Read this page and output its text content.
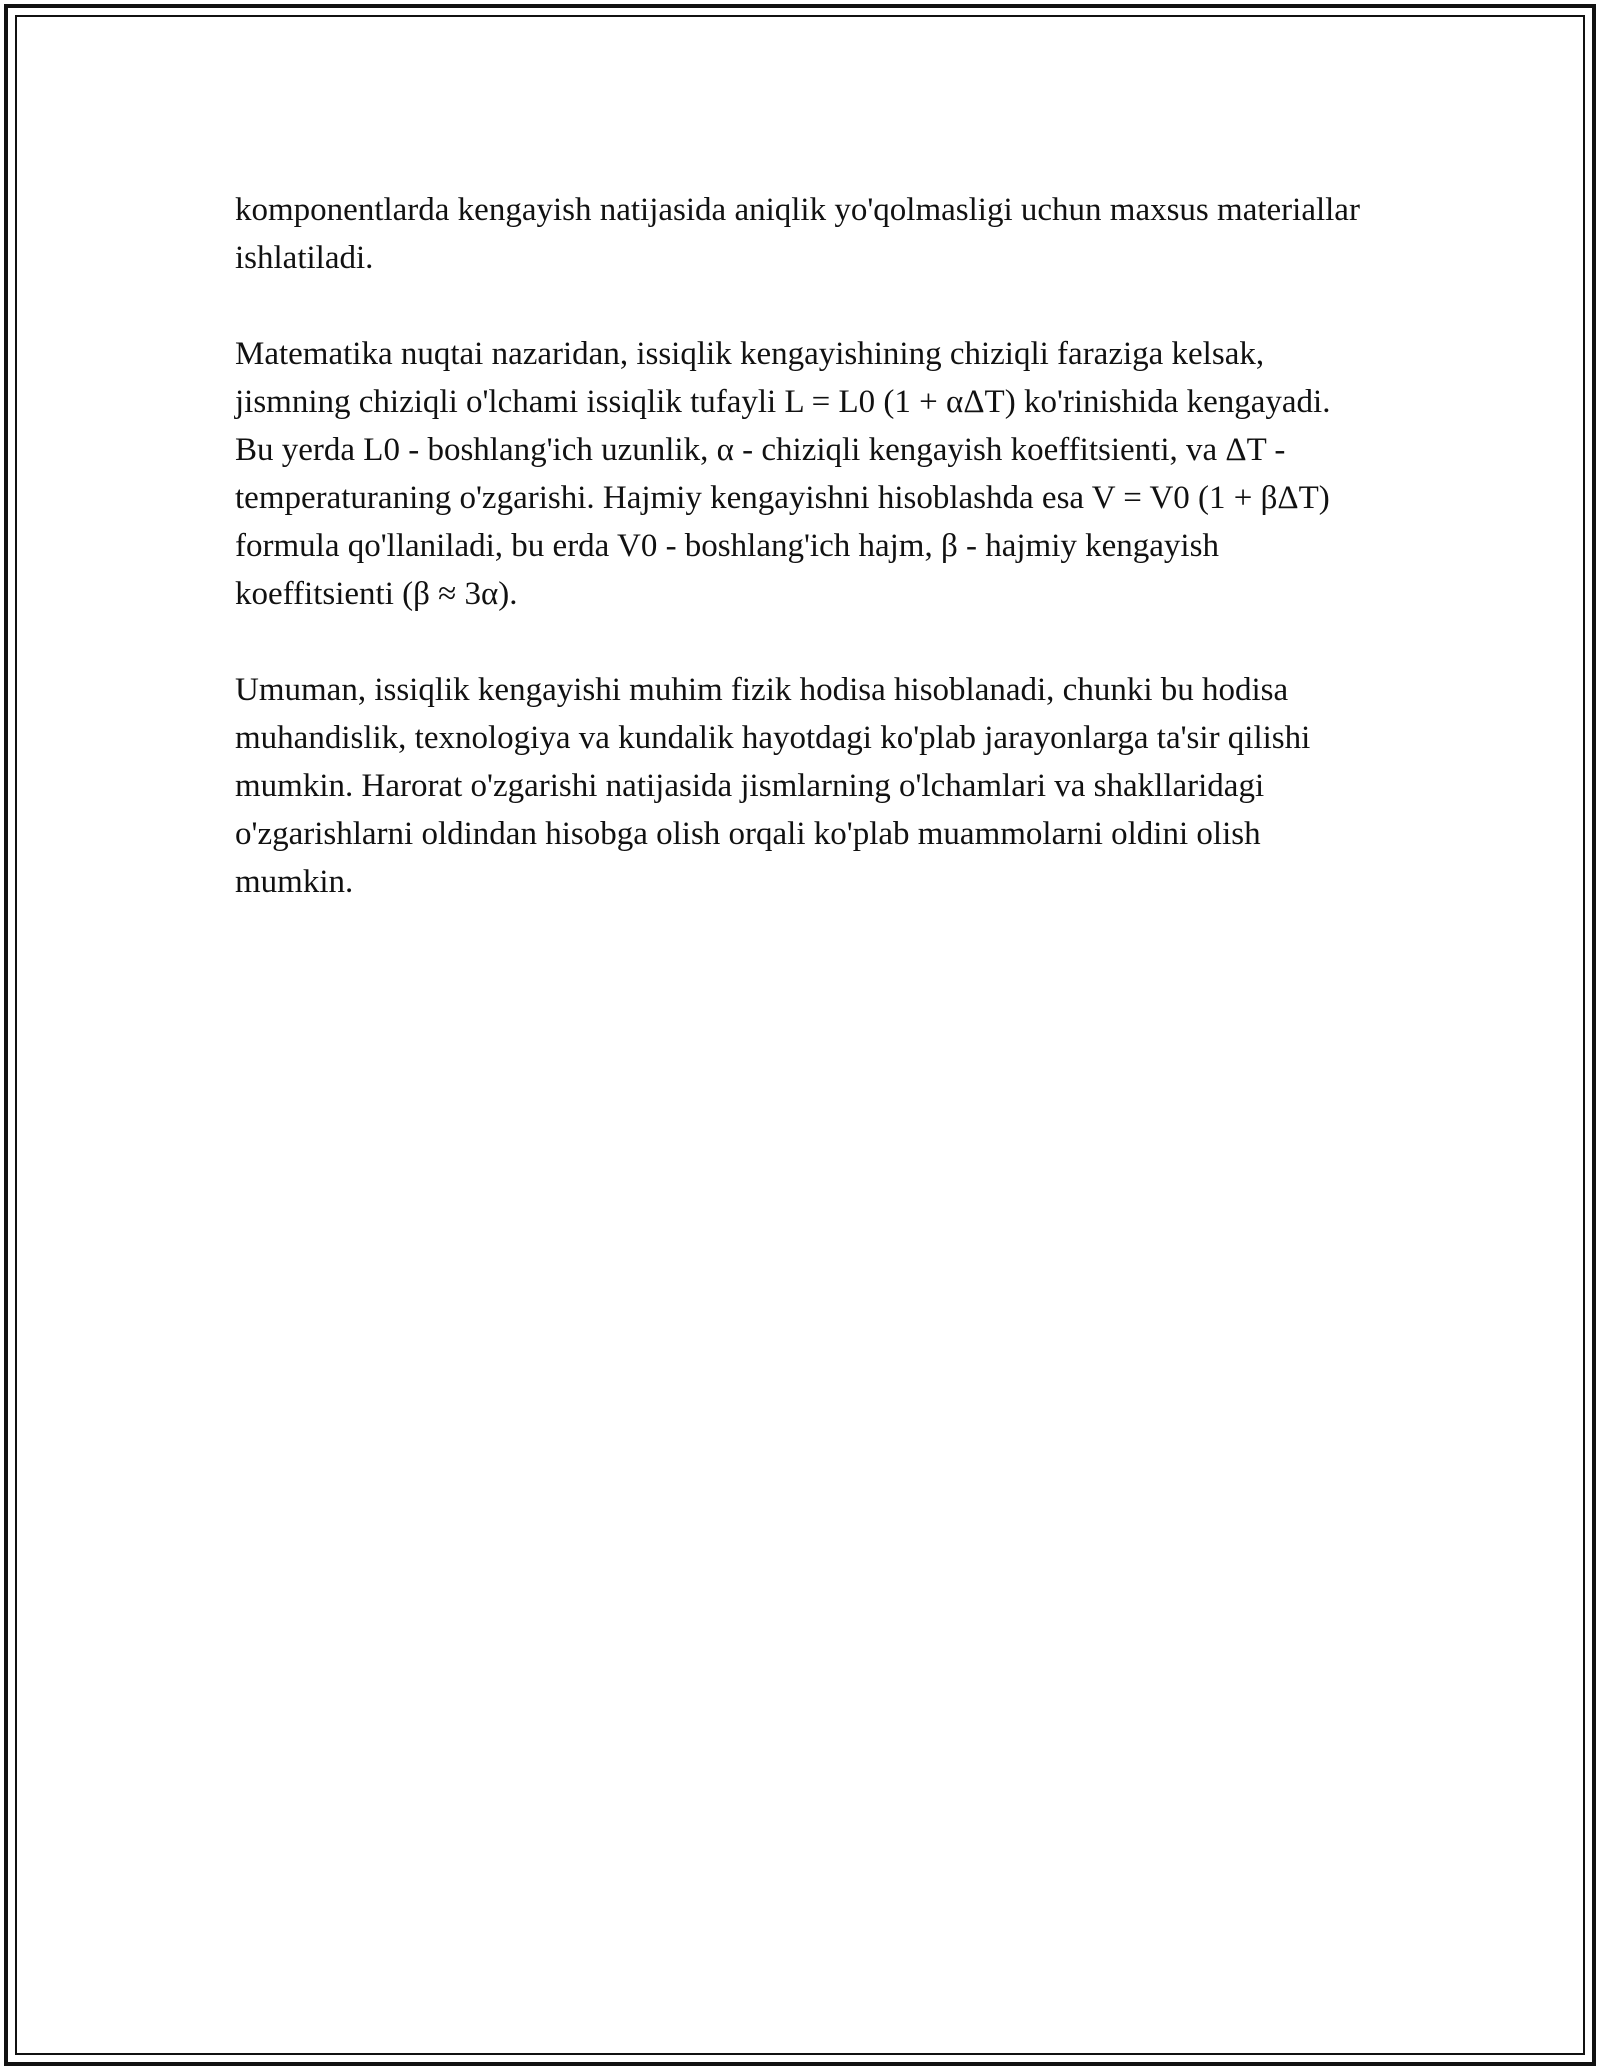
komponentlarda kengayish natijasida aniqlik yo'qolmasligi uchun maxsus materiallar ishlatiladi.

Matematika nuqtai nazaridan, issiqlik kengayishining chiziqli faraziga kelsak, jismning chiziqli o'lchami issiqlik tufayli L = L0 (1 + αΔT) ko'rinishida kengayadi. Bu yerda L0 - boshlang'ich uzunlik, α - chiziqli kengayish koeffitsienti, va ΔT - temperaturaning o'zgarishi. Hajmiy kengayishni hisoblashda esa V = V0 (1 + βΔT) formula qo'llaniladi, bu erda V0 - boshlang'ich hajm, β - hajmiy kengayish koeffitsienti (β ≈ 3α).

Umuman, issiqlik kengayishi muhim fizik hodisa hisoblanadi, chunki bu hodisa muhandislik, texnologiya va kundalik hayotdagi ko'plab jarayonlarga ta'sir qilishi mumkin. Harorat o'zgarishi natijasida jismlarning o'lchamlari va shakllaridagi o'zgarishlarni oldindan hisobga olish orqali ko'plab muammolarni oldini olish mumkin.
